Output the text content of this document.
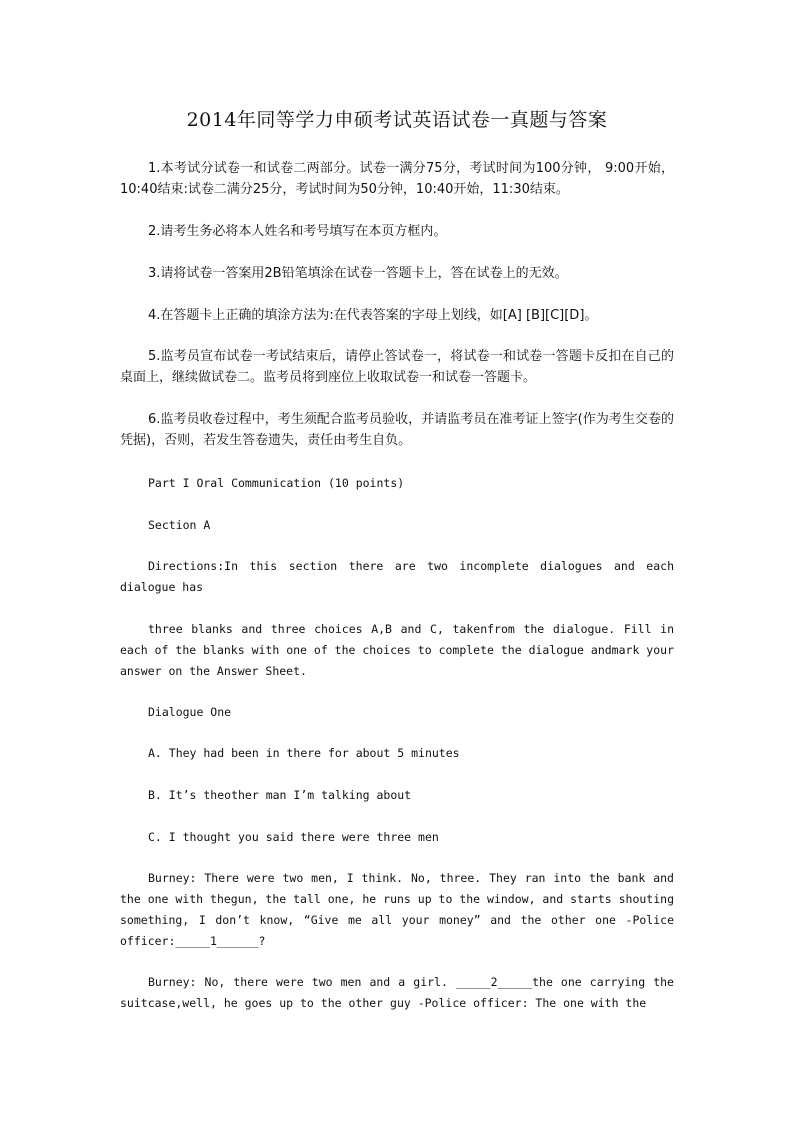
2014年同等学力申硕考试英语试卷一真题与答案

1.本考试分试卷一和试卷二两部分。试卷一满分75分，考试时间为100分钟， 9:00开始，10:40结束:试卷二满分25分，考试时间为50分钟，10:40开始，11:30结束。

2.请考生务必将本人姓名和考号填写在本页方框内。

3.请将试卷一答案用2B铅笔填涂在试卷一答题卡上，答在试卷上的无效。

4.在答题卡上正确的填涂方法为:在代表答案的字母上划线，如[A] [B][C][D]。

5.监考员宣布试卷一考试结束后，请停止答试卷一，将试卷一和试卷一答题卡反扣在自己的桌面上，继续做试卷二。监考员将到座位上收取试卷一和试卷一答题卡。

6.监考员收卷过程中，考生须配合监考员验收，并请监考员在准考证上签字(作为考生交卷的凭据)，否则，若发生答卷遗失，责任由考生自负。

Part I Oral Communication (10 points)

Section A

Directions:In this section there are two incomplete dialogues and each dialogue has

three blanks and three choices A,B and C, takenfrom the dialogue. Fill in each of the blanks with one of the choices to complete the dialogue andmark your answer on the Answer Sheet.

Dialogue One

A. They had been in there for about 5 minutes

B. It’s theother man I’m talking about

C. I thought you said there were three men

Burney: There were two men, I think. No, three. They ran into the bank and the one with thegun, the tall one, he runs up to the window, and starts shouting something, I don’t know, “Give me all your money” and the other one -Police officer:_____1______?

Burney: No, there were two men and a girl. _____2_____the one carrying the suitcase,well, he goes up to the other guy -Police officer: The one with the
